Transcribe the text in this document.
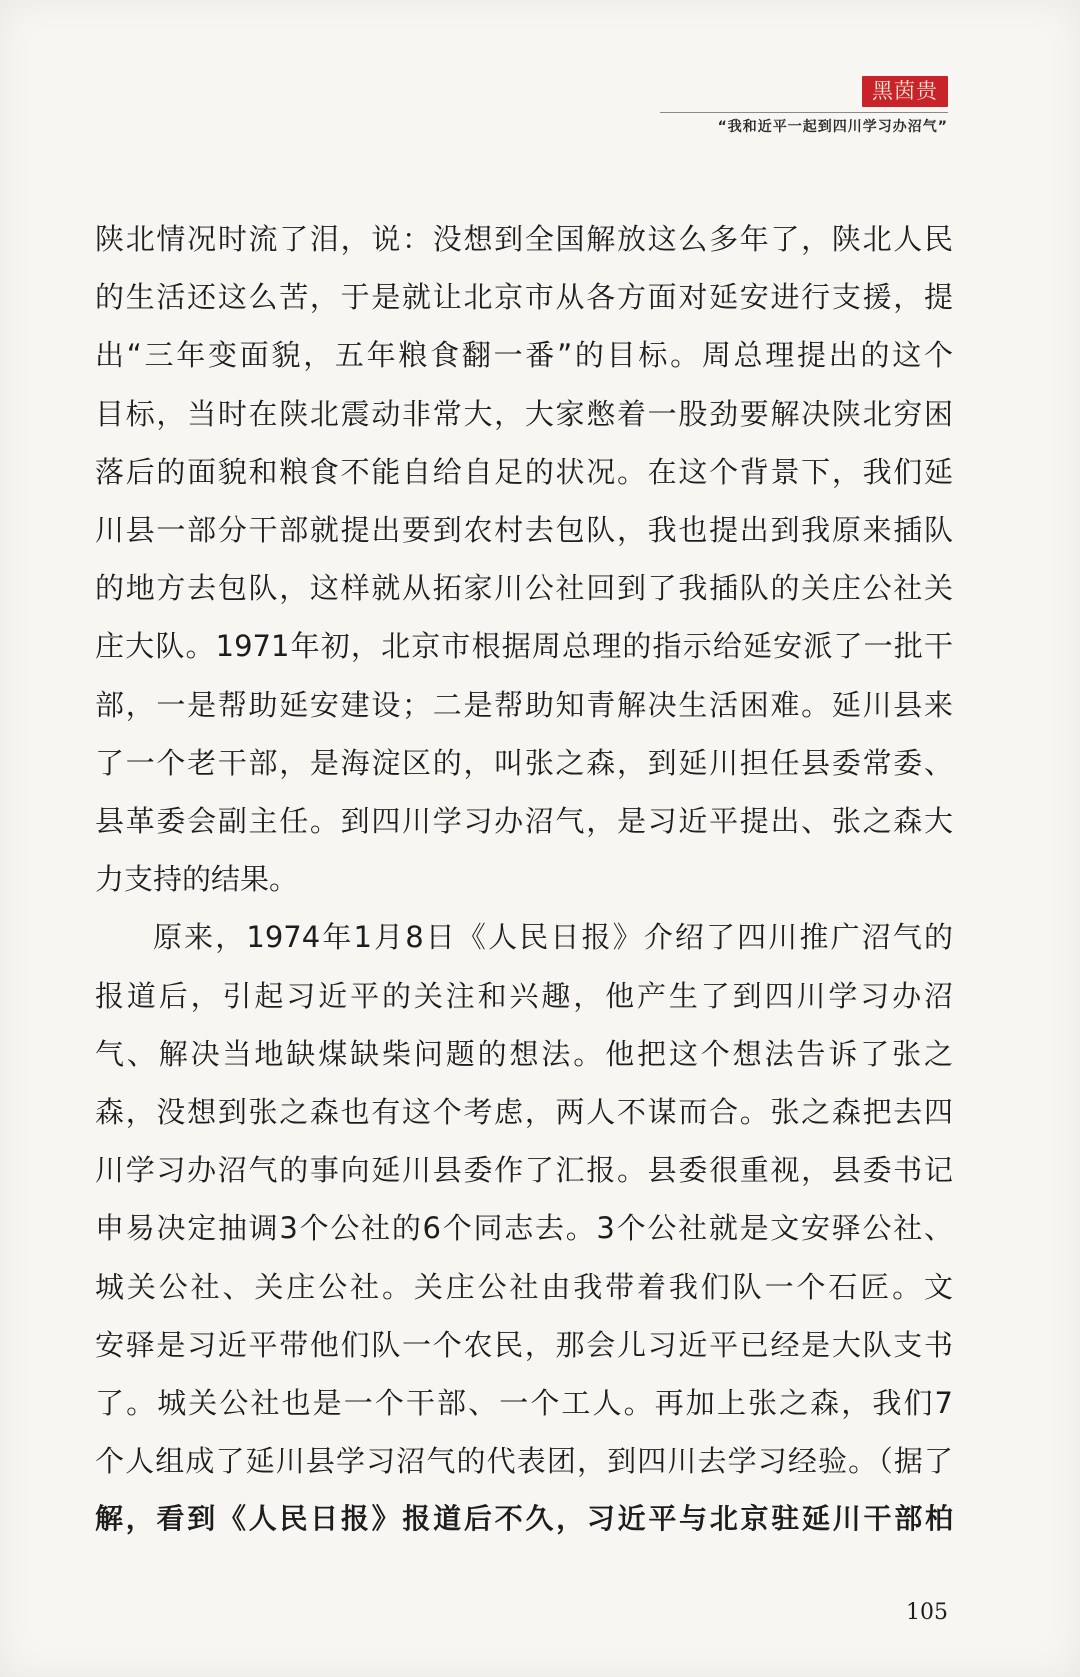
黑茵贵
“我和近平一起到四川学习办沼气”
陕北情况时流了泪，说：没想到全国解放这么多年了，陕北人民
的生活还这么苦，于是就让北京市从各方面对延安进行支援，提
出“三年变面貌，五年粮食翻一番”的目标。周总理提出的这个
目标，当时在陕北震动非常大，大家憋着一股劲要解决陕北穷困
落后的面貌和粮食不能自给自足的状况。在这个背景下，我们延
川县一部分干部就提出要到农村去包队，我也提出到我原来插队
的地方去包队，这样就从拓家川公社回到了我插队的关庄公社关
庄大队。1971年初，北京市根据周总理的指示给延安派了一批干
部，一是帮助延安建设；二是帮助知青解决生活困难。延川县来
了一个老干部，是海淀区的，叫张之森，到延川担任县委常委、
县革委会副主任。到四川学习办沼气，是习近平提出、张之森大
力支持的结果。
原来，1974年1月8日《人民日报》介绍了四川推广沼气的
报道后，引起习近平的关注和兴趣，他产生了到四川学习办沼
气、解决当地缺煤缺柴问题的想法。他把这个想法告诉了张之
森，没想到张之森也有这个考虑，两人不谋而合。张之森把去四
川学习办沼气的事向延川县委作了汇报。县委很重视，县委书记
申易决定抽调3个公社的6个同志去。3个公社就是文安驿公社、
城关公社、关庄公社。关庄公社由我带着我们队一个石匠。文
安驿是习近平带他们队一个农民，那会儿习近平已经是大队支书
了。城关公社也是一个干部、一个工人。再加上张之森，我们7
个人组成了延川县学习沼气的代表团，到四川去学习经验。（据了
解，看到《人民日报》报道后不久，习近平与北京驻延川干部柏
105
